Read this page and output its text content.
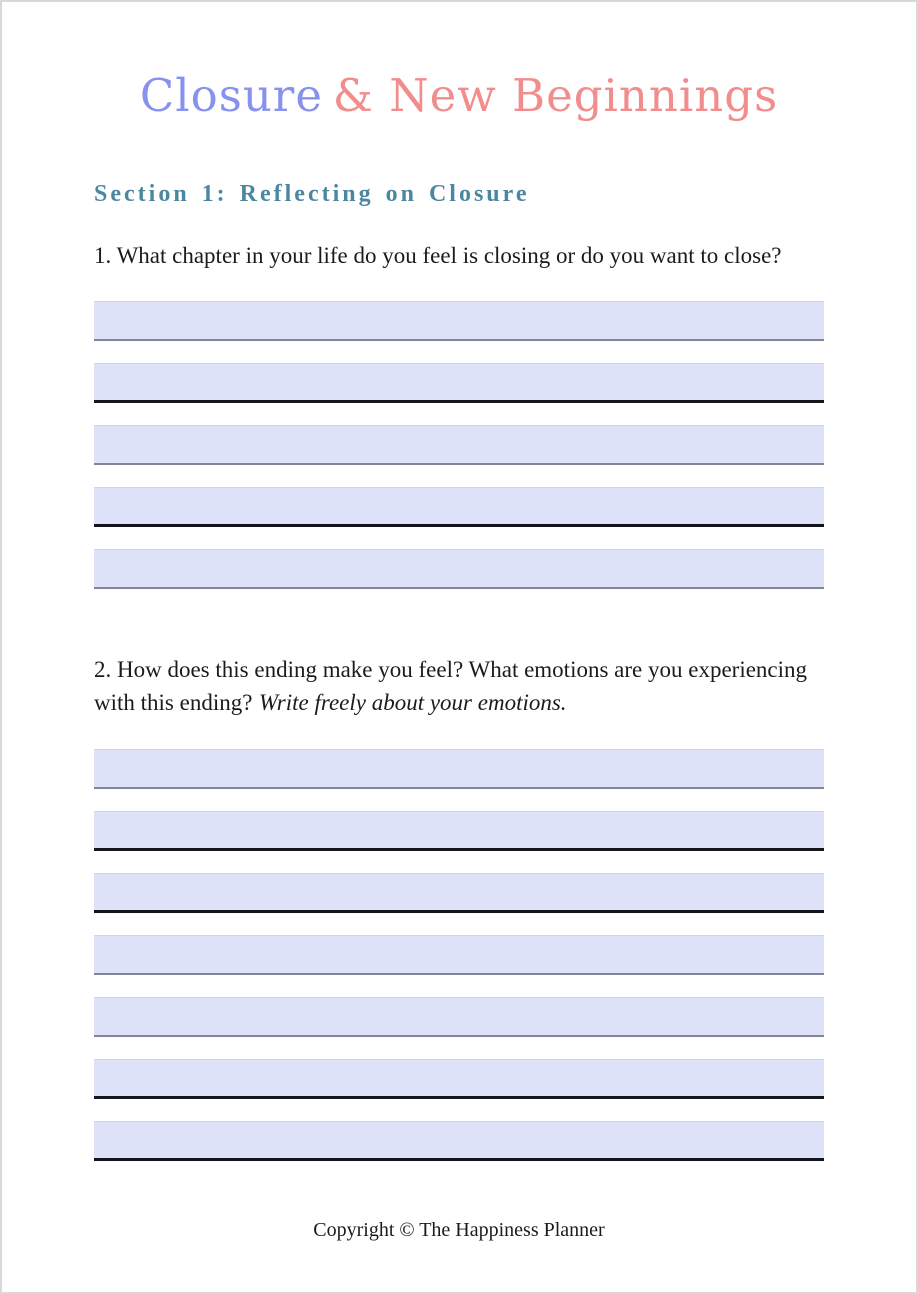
Closure & New Beginnings
Section 1: Reflecting on Closure

1. What chapter in your life do you feel is closing or do you want to close?

2. How does this ending make you feel? What emotions are you experiencing with this ending? Write freely about your emotions.

Copyright © The Happiness Planner
